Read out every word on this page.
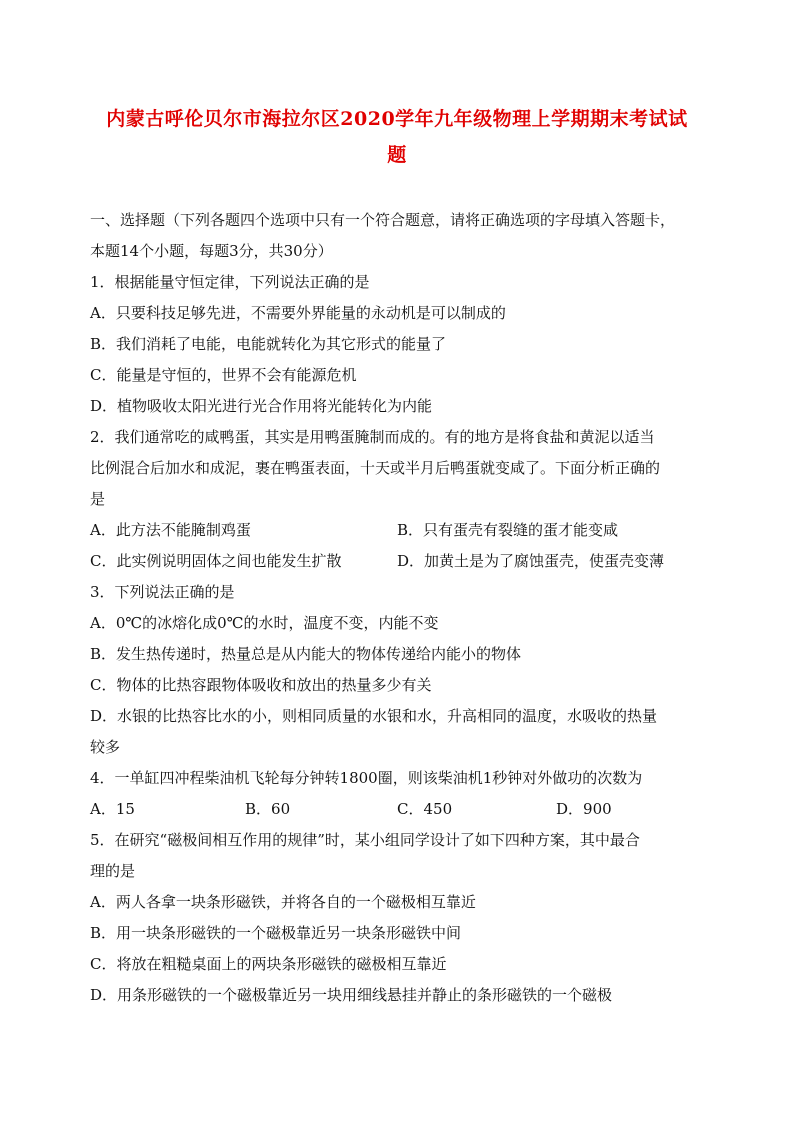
内蒙古呼伦贝尔市海拉尔区2020学年九年级物理上学期期末考试试
题
一、选择题（下列各题四个选项中只有一个符合题意，请将正确选项的字母填入答题卡，
本题14个小题，每题3分，共30分）
1．根据能量守恒定律，下列说法正确的是
A．只要科技足够先进，不需要外界能量的永动机是可以制成的
B．我们消耗了电能，电能就转化为其它形式的能量了
C．能量是守恒的，世界不会有能源危机
D．植物吸收太阳光进行光合作用将光能转化为内能
2．我们通常吃的咸鸭蛋，其实是用鸭蛋腌制而成的。有的地方是将食盐和黄泥以适当
比例混合后加水和成泥，裹在鸭蛋表面，十天或半月后鸭蛋就变咸了。下面分析正确的
是
A．此方法不能腌制鸡蛋	B．只有蛋壳有裂缝的蛋才能变咸
C．此实例说明固体之间也能发生扩散	D．加黄土是为了腐蚀蛋壳，使蛋壳变薄
3．下列说法正确的是
A．0℃的冰熔化成0℃的水时，温度不变，内能不变
B．发生热传递时，热量总是从内能大的物体传递给内能小的物体
C．物体的比热容跟物体吸收和放出的热量多少有关
D．水银的比热容比水的小，则相同质量的水银和水，升高相同的温度，水吸收的热量
较多
4．一单缸四冲程柴油机飞轮每分钟转1800圈，则该柴油机1秒钟对外做功的次数为
A．15	B．60	C．450	D．900
5．在研究“磁极间相互作用的规律”时，某小组同学设计了如下四种方案，其中最合
理的是
A．两人各拿一块条形磁铁，并将各自的一个磁极相互靠近
B．用一块条形磁铁的一个磁极靠近另一块条形磁铁中间
C．将放在粗糙桌面上的两块条形磁铁的磁极相互靠近
D．用条形磁铁的一个磁极靠近另一块用细线悬挂并静止的条形磁铁的一个磁极
